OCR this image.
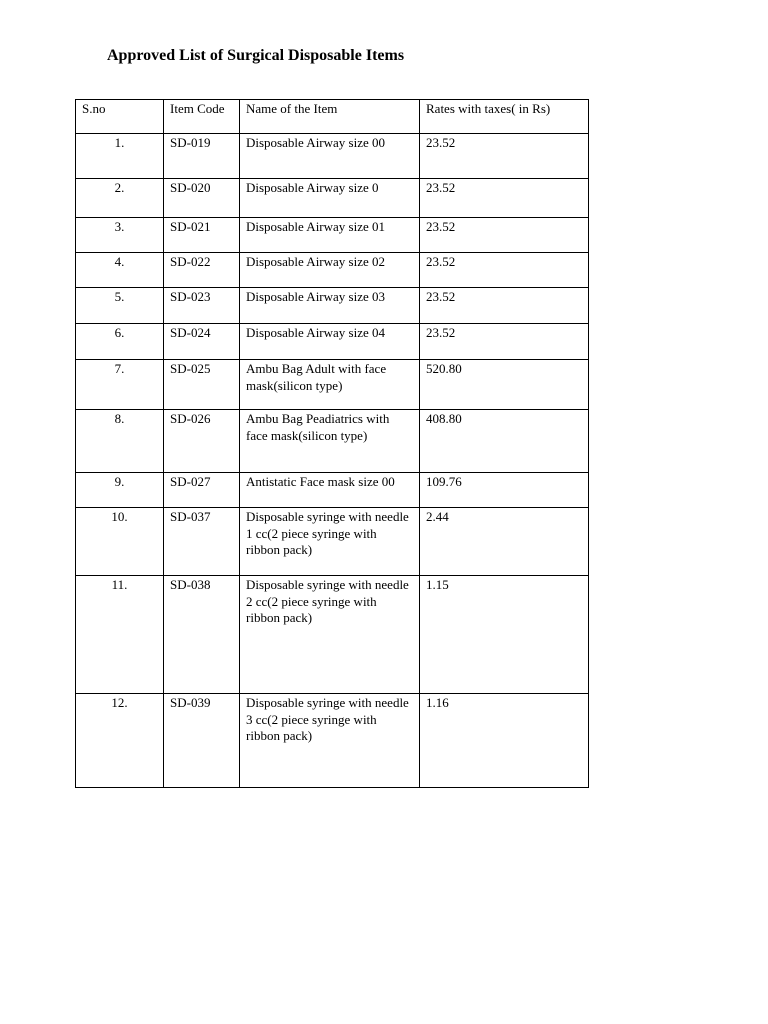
Approved List of Surgical Disposable Items
S.no	Item Code	Name of the Item	Rates with taxes( in Rs)
1.	SD-019	Disposable Airway size 00	23.52
2.	SD-020	Disposable Airway size 0	23.52
3.	SD-021	Disposable Airway size 01	23.52
4.	SD-022	Disposable Airway size 02	23.52
5.	SD-023	Disposable Airway size 03	23.52
6.	SD-024	Disposable Airway size 04	23.52
7.	SD-025	Ambu Bag Adult with face mask(silicon type)	520.80
8.	SD-026	Ambu Bag Peadiatrics with face mask(silicon type)	408.80
9.	SD-027	Antistatic Face mask size 00	109.76
10.	SD-037	Disposable syringe with needle 1 cc(2 piece syringe with ribbon pack)	2.44
11.	SD-038	Disposable syringe with needle 2 cc(2 piece syringe with ribbon pack)	1.15
12.	SD-039	Disposable syringe with needle 3 cc(2 piece syringe with ribbon pack)	1.16
